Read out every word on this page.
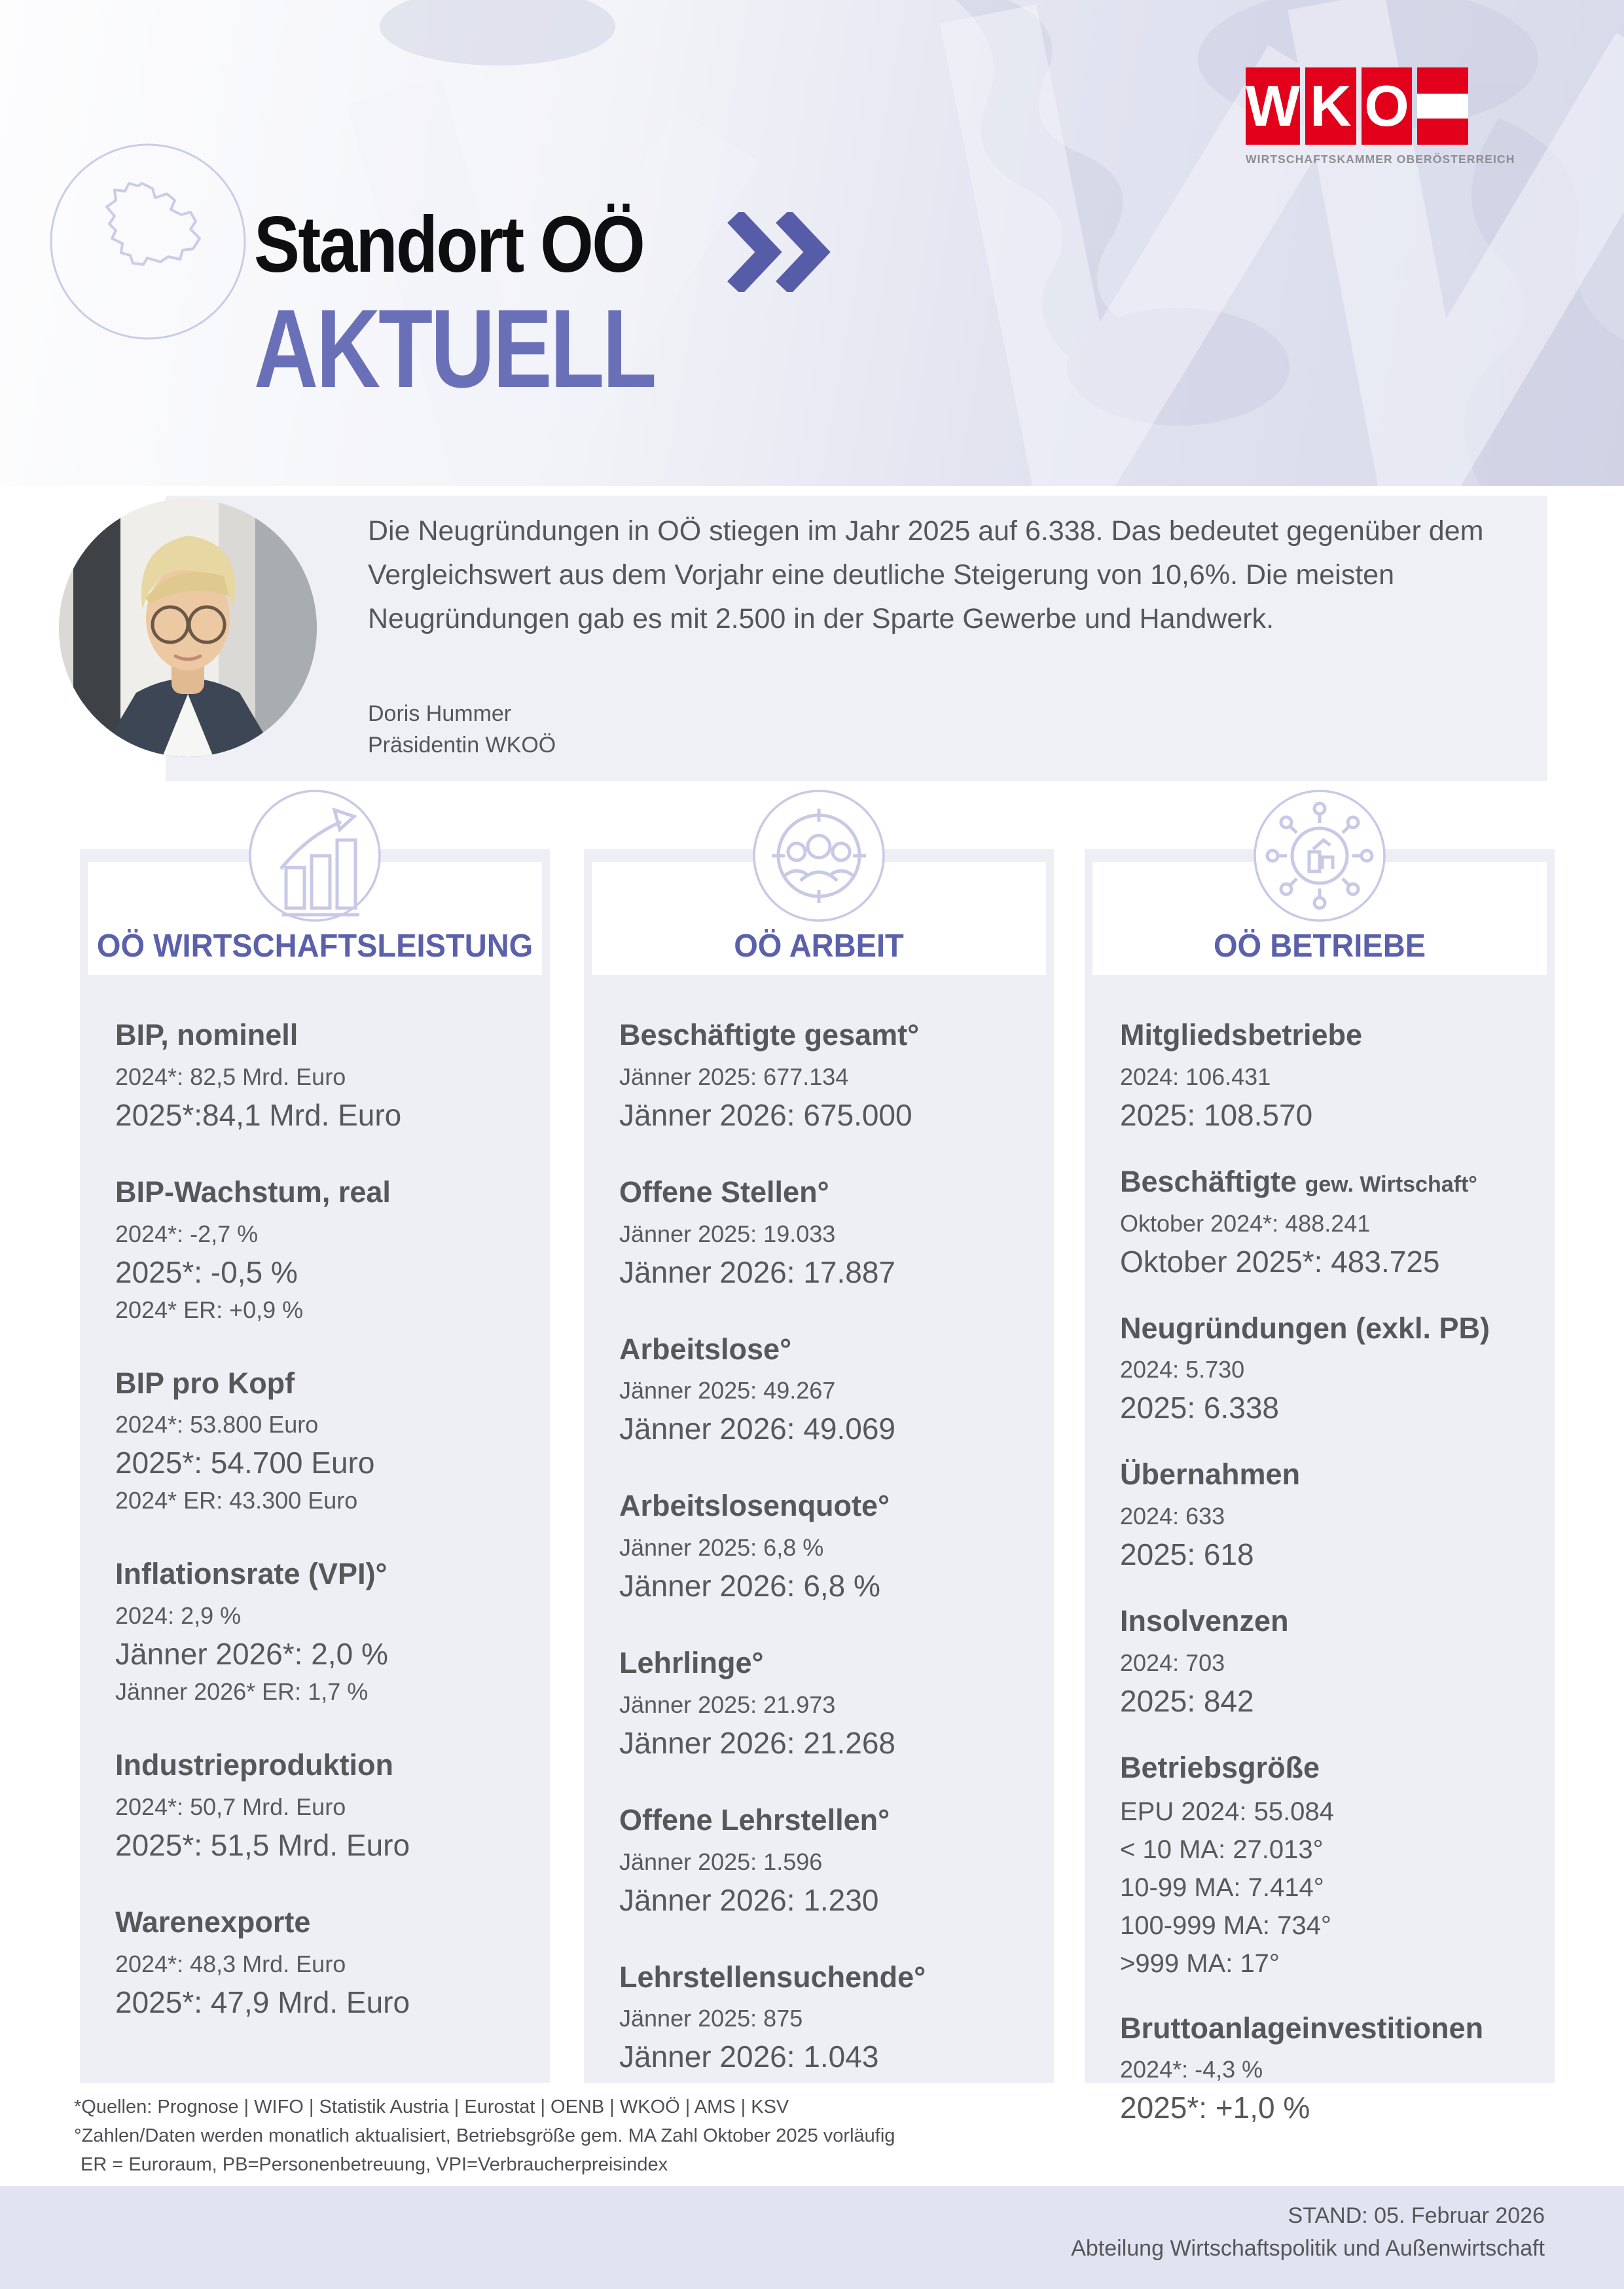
Standort OÖ
AKTUELL
W K O
WIRTSCHAFTSKAMMER OBERÖSTERREICH
Die Neugründungen in OÖ stiegen im Jahr 2025 auf 6.338. Das bedeutet gegenüber dem Vergleichswert aus dem Vorjahr eine deutliche Steigerung von 10,6%. Die meisten Neugründungen gab es mit 2.500 in der Sparte Gewerbe und Handwerk.
Doris Hummer
Präsidentin WKOÖ
OÖ WIRTSCHAFTSLEISTUNG
BIP, nominell
2024*: 82,5 Mrd. Euro
2025*:84,1 Mrd. Euro
BIP-Wachstum, real
2024*: -2,7 %
2025*: -0,5 %
2024* ER: +0,9 %
BIP pro Kopf
2024*: 53.800 Euro
2025*: 54.700 Euro
2024* ER: 43.300 Euro
Inflationsrate (VPI)°
2024: 2,9 %
Jänner 2026*: 2,0 %
Jänner 2026* ER: 1,7 %
Industrieproduktion
2024*: 50,7 Mrd. Euro
2025*: 51,5 Mrd. Euro
Warenexporte
2024*: 48,3 Mrd. Euro
2025*: 47,9 Mrd. Euro
OÖ ARBEIT
Beschäftigte gesamt°
Jänner 2025: 677.134
Jänner 2026: 675.000
Offene Stellen°
Jänner 2025: 19.033
Jänner 2026: 17.887
Arbeitslose°
Jänner 2025: 49.267
Jänner 2026: 49.069
Arbeitslosenquote°
Jänner 2025: 6,8 %
Jänner 2026: 6,8 %
Lehrlinge°
Jänner 2025: 21.973
Jänner 2026: 21.268
Offene Lehrstellen°
Jänner 2025: 1.596
Jänner 2026: 1.230
Lehrstellensuchende°
Jänner 2025: 875
Jänner 2026: 1.043
OÖ BETRIEBE
Mitgliedsbetriebe
2024: 106.431
2025: 108.570
Beschäftigte gew. Wirtschaft°
Oktober 2024*: 488.241
Oktober 2025*: 483.725
Neugründungen (exkl. PB)
2024: 5.730
2025: 6.338
Übernahmen
2024: 633
2025: 618
Insolvenzen
2024: 703
2025: 842
Betriebsgröße
EPU 2024: 55.084
< 10 MA: 27.013°
10-99 MA: 7.414°
100-999 MA: 734°
>999 MA: 17°
Bruttoanlageinvestitionen
2024*: -4,3 %
2025*: +1,0 %
*Quellen: Prognose | WIFO | Statistik Austria | Eurostat | OENB | WKOÖ | AMS | KSV
°Zahlen/Daten werden monatlich aktualisiert, Betriebsgröße gem. MA Zahl Oktober 2025 vorläufig
ER = Euroraum, PB=Personenbetreuung, VPI=Verbraucherpreisindex
STAND: 05. Februar 2026
Abteilung Wirtschaftspolitik und Außenwirtschaft
